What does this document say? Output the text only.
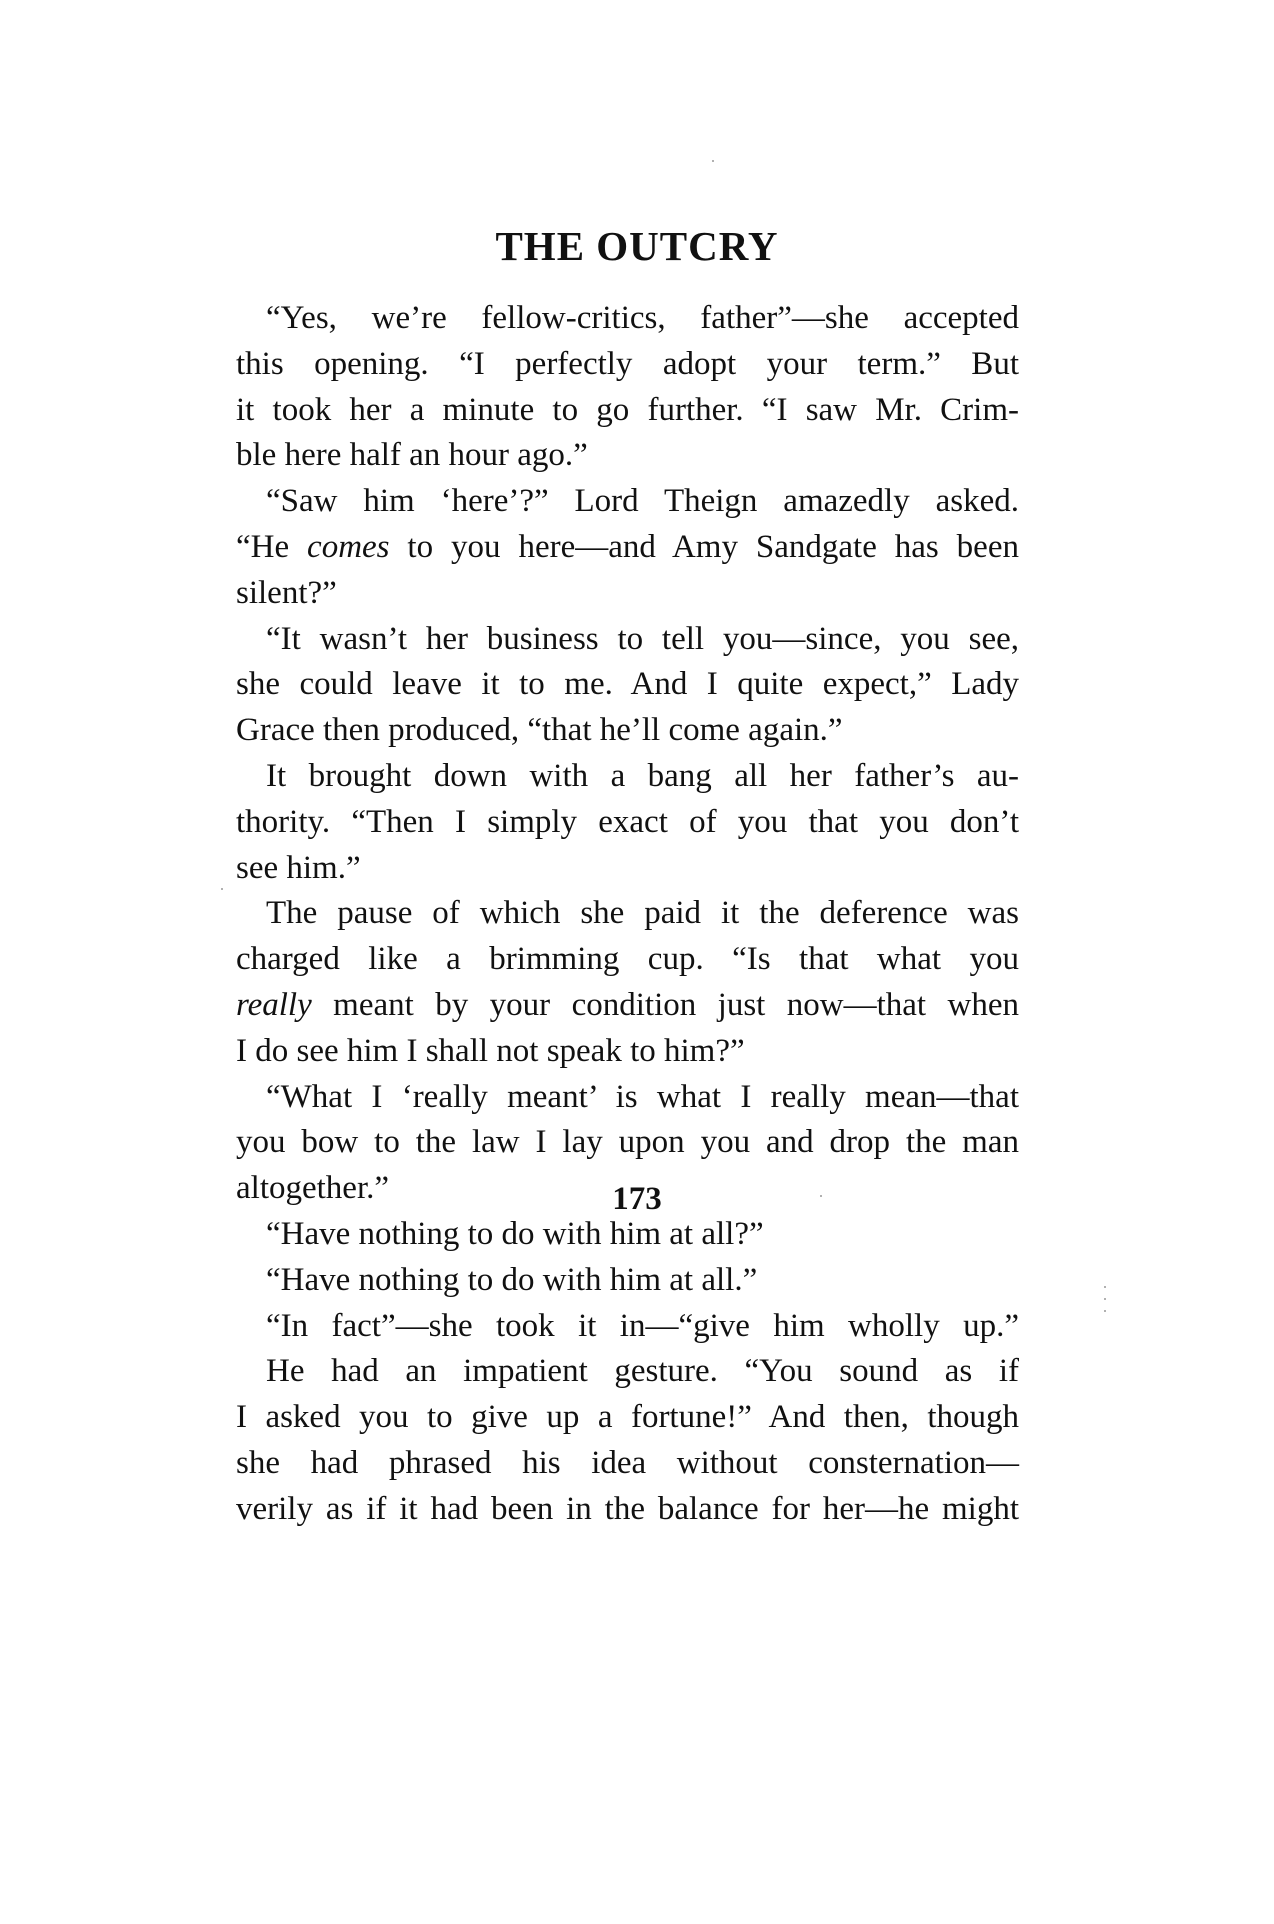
THE OUTCRY
“Yes, we’re fellow-critics, father”—she accepted
this opening. “I perfectly adopt your term.” But
it took her a minute to go further. “I saw Mr. Crim-
ble here half an hour ago.”
“Saw him ‘here’?” Lord Theign amazedly asked.
“He comes to you here—and Amy Sandgate has been
silent?”
“It wasn’t her business to tell you—since, you see,
she could leave it to me. And I quite expect,” Lady
Grace then produced, “that he’ll come again.”
It brought down with a bang all her father’s au-
thority. “Then I simply exact of you that you don’t
see him.”
The pause of which she paid it the deference was
charged like a brimming cup. “Is that what you
really meant by your condition just now—that when
I do see him I shall not speak to him?”
“What I ‘really meant’ is what I really mean—that
you bow to the law I lay upon you and drop the man
altogether.”
“Have nothing to do with him at all?”
“Have nothing to do with him at all.”
“In fact”—she took it in—“give him wholly up.”
He had an impatient gesture. “You sound as if
I asked you to give up a fortune!” And then, though
she had phrased his idea without consternation—
verily as if it had been in the balance for her—he might
173
